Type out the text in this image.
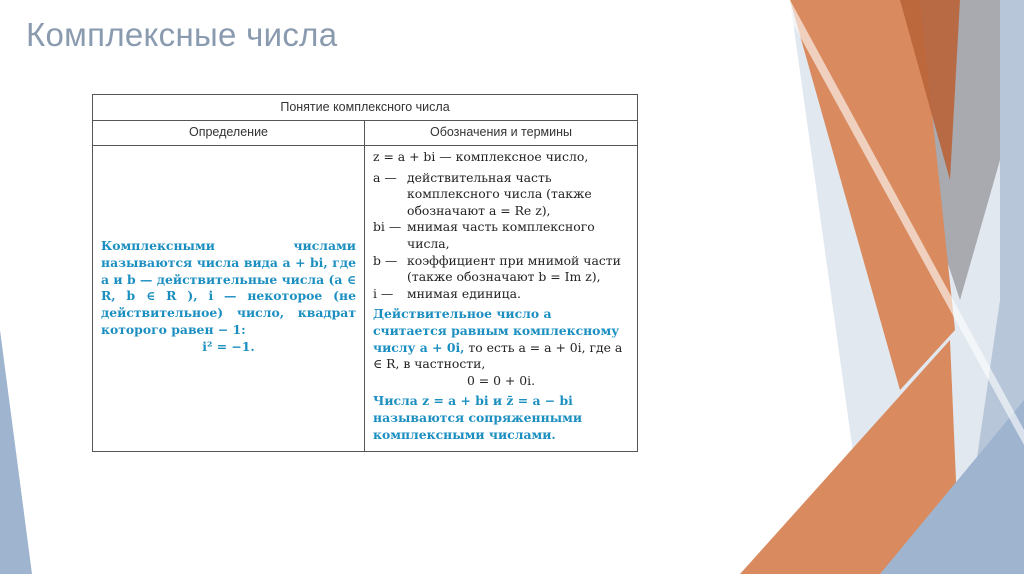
Комплексные числа
Понятие комплексного числа
Определение	Обозначения и термины
Комплексными числами называются числа вида a + bi, где a и b — действительные числа (a ∈ R, b ∈ R ), i — некоторое (не действительное) число, квадрат которого равен − 1:
i² = −1.
z = a + bi —
комплексное число,
a — действительная часть комплексного числа (также обозначают a = Re z),
bi — мнимая часть комплексного числа,
b — коэффициент при мнимой части (также обозначают b = Im z),
i —	мнимая единица.
Действительное число a считается равным комплексному числу a + 0i, то есть a = a + 0i, где a ∈ R, в частности,
0 = 0 + 0i.
Числа z = a + bi и z̄ = a − bi называются сопряженными комплексными числами.
